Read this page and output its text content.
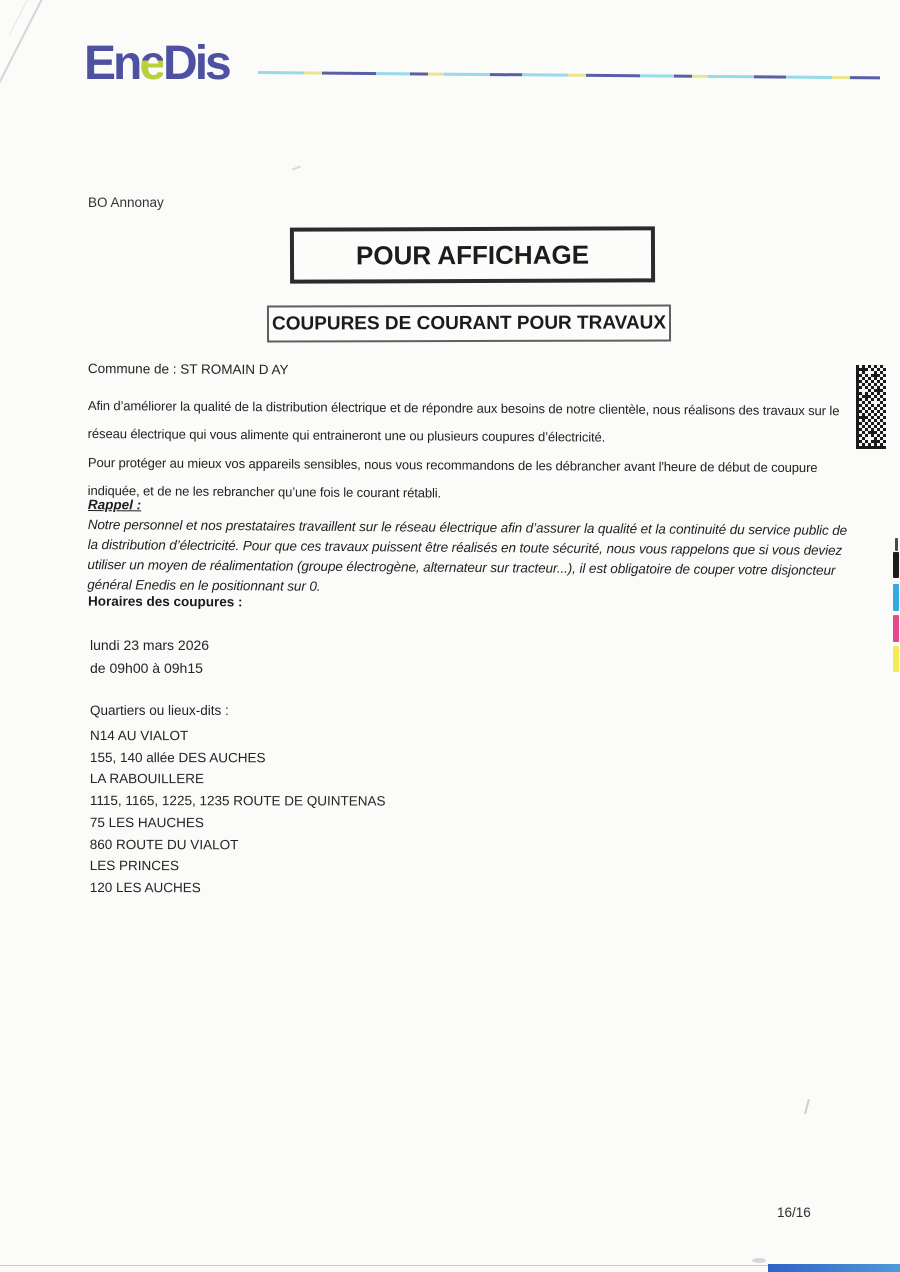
EneDis
BO Annonay
POUR AFFICHAGE
COUPURES DE COURANT POUR TRAVAUX
Commune de : ST ROMAIN D AY
Afin d’améliorer la qualité de la distribution électrique et de répondre aux besoins de notre clientèle, nous réalisons des travaux sur le réseau électrique qui vous alimente qui entraineront une ou plusieurs coupures d’électricité.
Pour protéger au mieux vos appareils sensibles, nous vous recommandons de les débrancher avant l'heure de début de coupure indiquée, et de ne les rebrancher qu’une fois le courant rétabli.
Rappel :
Notre personnel et nos prestataires travaillent sur le réseau électrique afin d’assurer la qualité et la continuité du service public de la distribution d’électricité. Pour que ces travaux puissent être réalisés en toute sécurité, nous vous rappelons que si vous deviez utiliser un moyen de réalimentation (groupe électrogène, alternateur sur tracteur...), il est obligatoire de couper votre disjoncteur général Enedis en le positionnant sur 0.
Horaires des coupures :
lundi 23 mars 2026
de 09h00 à 09h15
Quartiers ou lieux-dits :
N14 AU VIALOT
155, 140 allée DES AUCHES
LA RABOUILLERE
1115, 1165, 1225, 1235 ROUTE DE QUINTENAS
75 LES HAUCHES
860 ROUTE DU VIALOT
LES PRINCES
120 LES AUCHES
16/16
